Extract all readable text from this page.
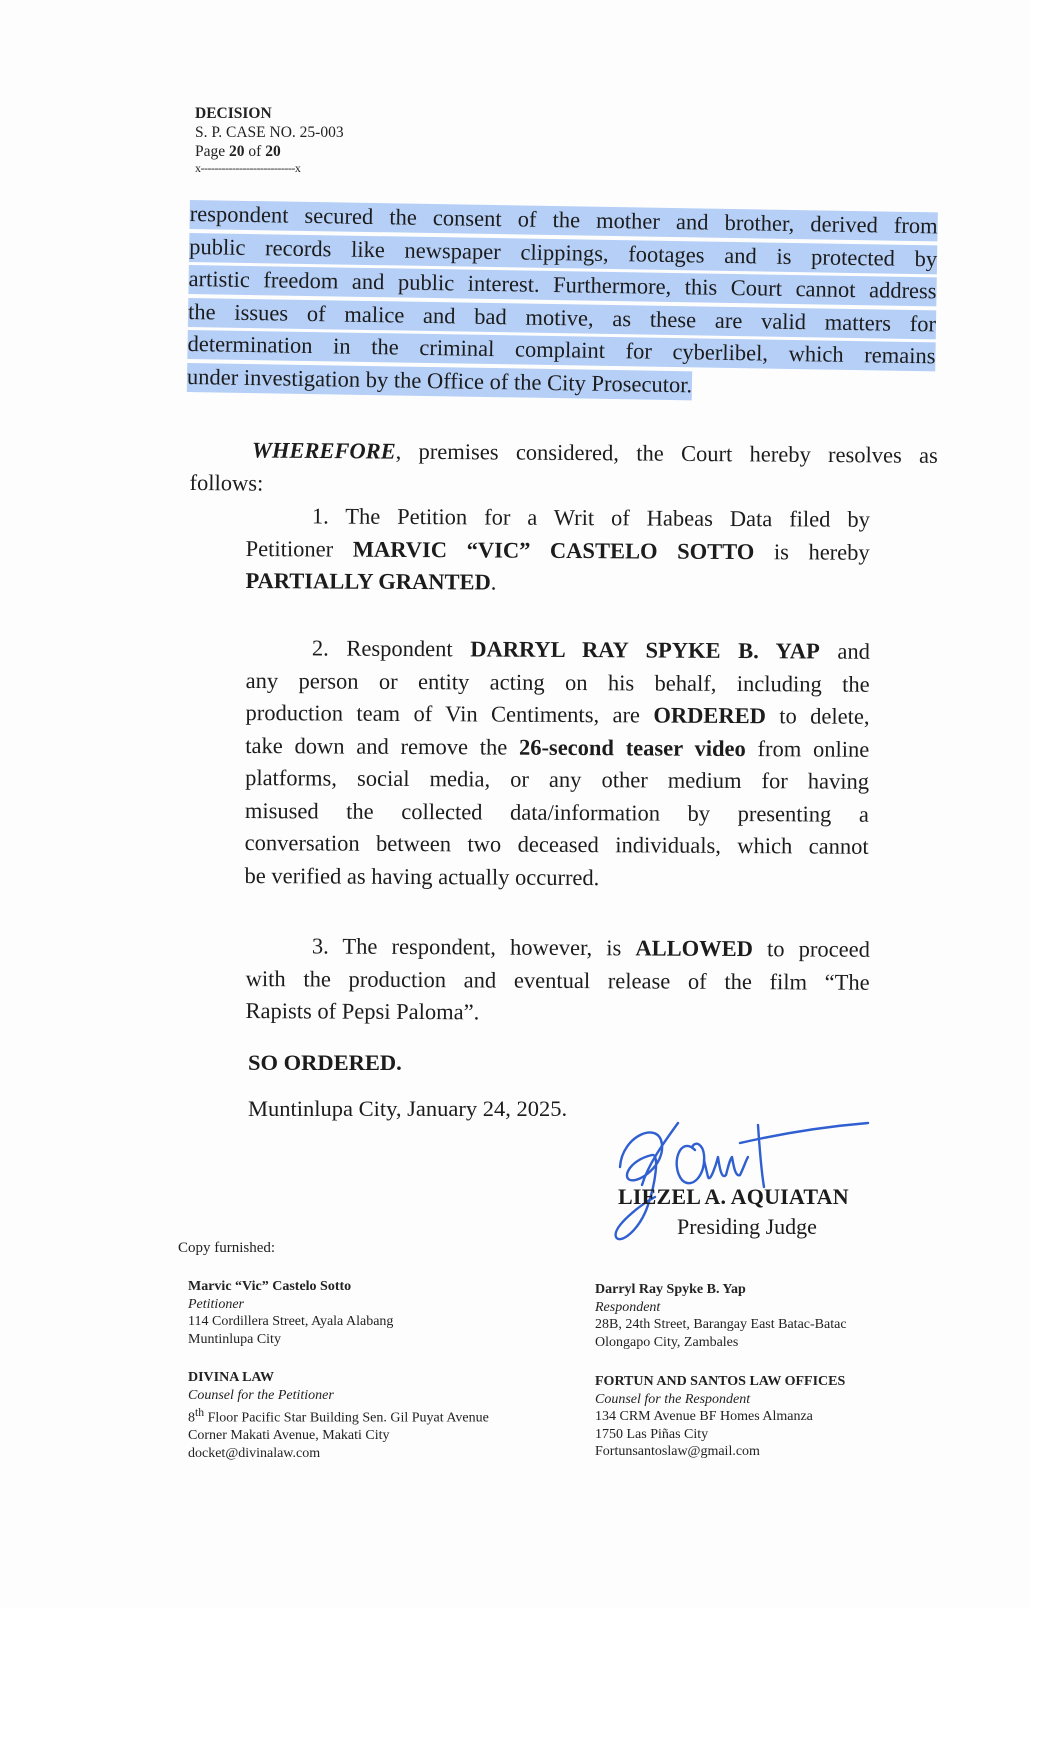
DECISION
S. P. CASE NO. 25-003
Page 20 of 20
x---------------------------x
respondent secured the consent of the mother and brother, derived from
public records like newspaper clippings, footages and is protected by
artistic freedom and public interest. Furthermore, this Court cannot address
the issues of malice and bad motive, as these are valid matters for
determination in the criminal complaint for cyberlibel, which remains
under investigation by the Office of the City Prosecutor.
WHEREFORE, premises considered, the Court hereby resolves as
follows:
1. The Petition for a Writ of Habeas Data filed by
Petitioner MARVIC “VIC” CASTELO SOTTO is hereby
PARTIALLY GRANTED.
2. Respondent DARRYL RAY SPYKE B. YAP and
any person or entity acting on his behalf, including the
production team of Vin Centiments, are ORDERED to delete,
take down and remove the 26-second teaser video from online
platforms, social media, or any other medium for having
misused the collected data/information by presenting a
conversation between two deceased individuals, which cannot
be verified as having actually occurred.
3. The respondent, however, is ALLOWED to proceed
with the production and eventual release of the film “The
Rapists of Pepsi Paloma”.
SO ORDERED.
Muntinlupa City, January 24, 2025.
LIEZEL A. AQUIATAN
Presiding Judge
Copy furnished:
Marvic “Vic” Castelo Sotto
Petitioner
114 Cordillera Street, Ayala Alabang
Muntinlupa City
DIVINA LAW
Counsel for the Petitioner
8th Floor Pacific Star Building Sen. Gil Puyat Avenue
Corner Makati Avenue, Makati City
docket@divinalaw.com
Darryl Ray Spyke B. Yap
Respondent
28B, 24th Street, Barangay East Batac-Batac
Olongapo City, Zambales
FORTUN AND SANTOS LAW OFFICES
Counsel for the Respondent
134 CRM Avenue BF Homes Almanza
1750 Las Piñas City
Fortunsantoslaw@gmail.com
